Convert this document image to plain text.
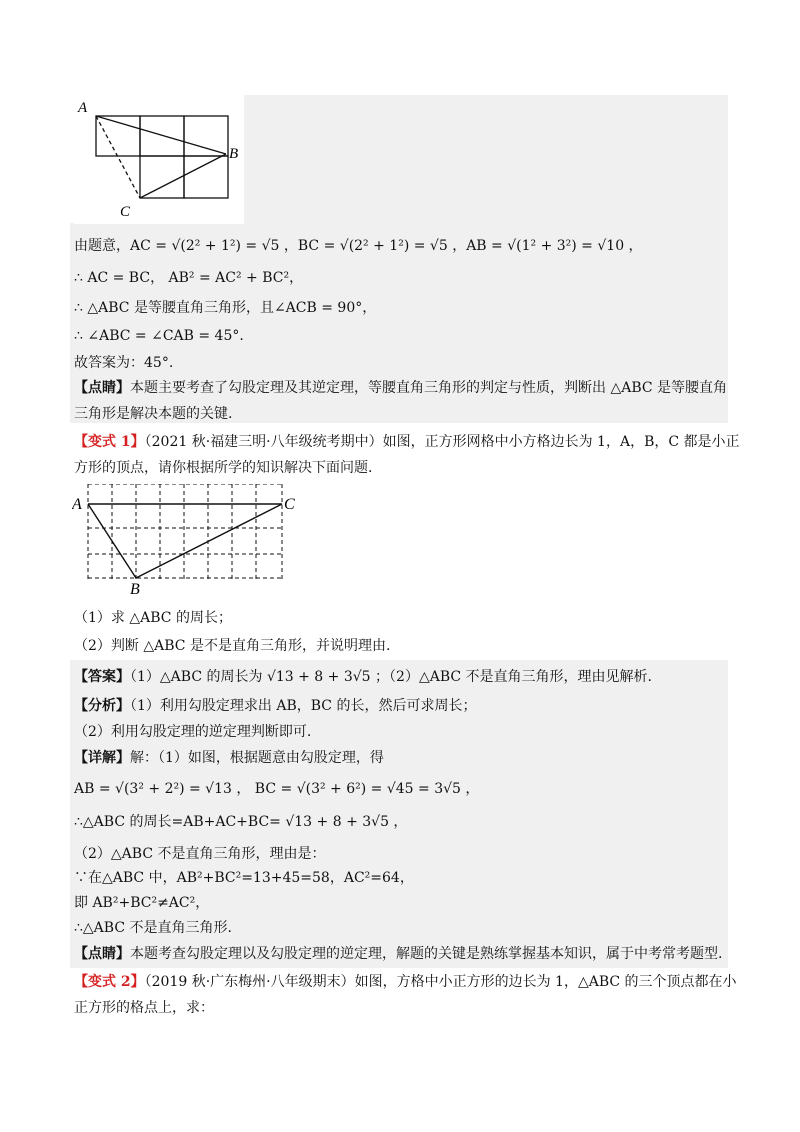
A
B
C
由题意，AC = √(2² + 1²) = √5 ，BC = √(2² + 1²) = √5 ，AB = √(1² + 3²) = √10 ，
∴ AC = BC， AB² = AC² + BC²，
∴ △ABC 是等腰直角三角形，且∠ACB = 90°，
∴ ∠ABC = ∠CAB = 45°.
故答案为：45°.
【点睛】本题主要考查了勾股定理及其逆定理，等腰直角三角形的判定与性质，判断出 △ABC 是等腰直角
三角形是解决本题的关键.
【变式 1】（2021 秋·福建三明·八年级统考期中）如图，正方形网格中小方格边长为 1，A，B，C 都是小正
方形的顶点，请你根据所学的知识解决下面问题.
A	C
B
（1）求 △ABC 的周长；
（2）判断 △ABC 是不是直角三角形，并说明理由.
【答案】（1）△ABC 的周长为 √13 + 8 + 3√5 ；（2）△ABC 不是直角三角形，理由见解析.
【分析】（1）利用勾股定理求出 AB，BC 的长，然后可求周长；
（2）利用勾股定理的逆定理判断即可.
【详解】解：（1）如图，根据题意由勾股定理，得
AB = √(3² + 2²) = √13 ， BC = √(3² + 6²) = √45 = 3√5 ，
∴△ABC 的周长=AB+AC+BC= √13 + 8 + 3√5 ，
（2）△ABC 不是直角三角形，理由是：
∵在△ABC 中，AB²+BC²=13+45=58，AC²=64，
即 AB²+BC²≠AC²，
∴△ABC 不是直角三角形.
【点睛】本题考查勾股定理以及勾股定理的逆定理，解题的关键是熟练掌握基本知识，属于中考常考题型.
【变式 2】（2019 秋·广东梅州·八年级期末）如图，方格中小正方形的边长为 1，△ABC 的三个顶点都在小
正方形的格点上，求：
